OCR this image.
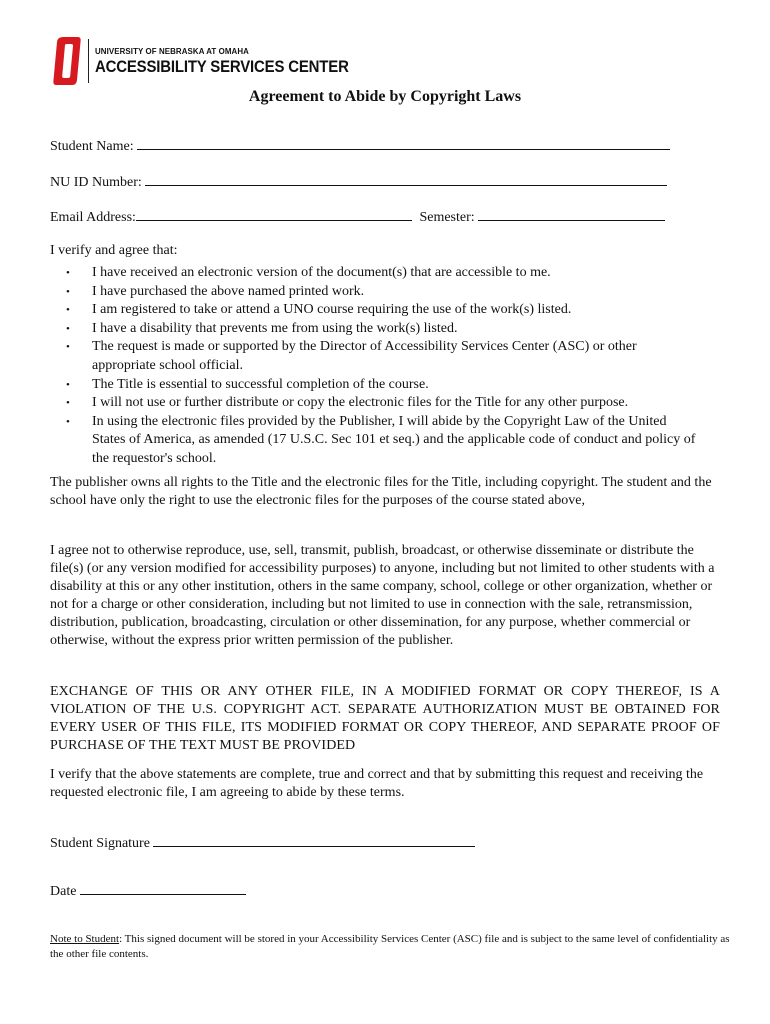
UNIVERSITY OF NEBRASKA AT OMAHA
ACCESSIBILITY SERVICES CENTER
Agreement to Abide by Copyright Laws
Student Name:
NU ID Number:
Email Address:	Semester:
I verify and agree that:
• I have received an electronic version of the document(s) that are accessible to me.
• I have purchased the above named printed work.
• I am registered to take or attend a UNO course requiring the use of the work(s) listed.
• I have a disability that prevents me from using the work(s) listed.
• The request is made or supported by the Director of Accessibility Services Center (ASC) or other appropriate school official.
• The Title is essential to successful completion of the course.
• I will not use or further distribute or copy the electronic files for the Title for any other purpose.
• In using the electronic files provided by the Publisher, I will abide by the Copyright Law of the United States of America, as amended (17 U.S.C. Sec 101 et seq.) and the applicable code of conduct and policy of the requestor's school.
The publisher owns all rights to the Title and the electronic files for the Title, including copyright. The student and the school have only the right to use the electronic files for the purposes of the course stated above,
I agree not to otherwise reproduce, use, sell, transmit, publish, broadcast, or otherwise disseminate or distribute the file(s) (or any version modified for accessibility purposes) to anyone, including but not limited to other students with a disability at this or any other institution, others in the same company, school, college or other organization, whether or not for a charge or other consideration, including but not limited to use in connection with the sale, retransmission, distribution, publication, broadcasting, circulation or other dissemination, for any purpose, whether commercial or otherwise, without the express prior written permission of the publisher.
EXCHANGE OF THIS OR ANY OTHER FILE, IN A MODIFIED FORMAT OR COPY THEREOF, IS A VIOLATION OF THE U.S. COPYRIGHT ACT. SEPARATE AUTHORIZATION MUST BE OBTAINED FOR EVERY USER OF THIS FILE, ITS MODIFIED FORMAT OR COPY THEREOF, AND SEPARATE PROOF OF PURCHASE OF THE TEXT MUST BE PROVIDED
I verify that the above statements are complete, true and correct and that by submitting this request and receiving the requested electronic file, I am agreeing to abide by these terms.
Student Signature
Date
Note to Student: This signed document will be stored in your Accessibility Services Center (ASC) file and is subject to the same level of confidentiality as the other file contents.
